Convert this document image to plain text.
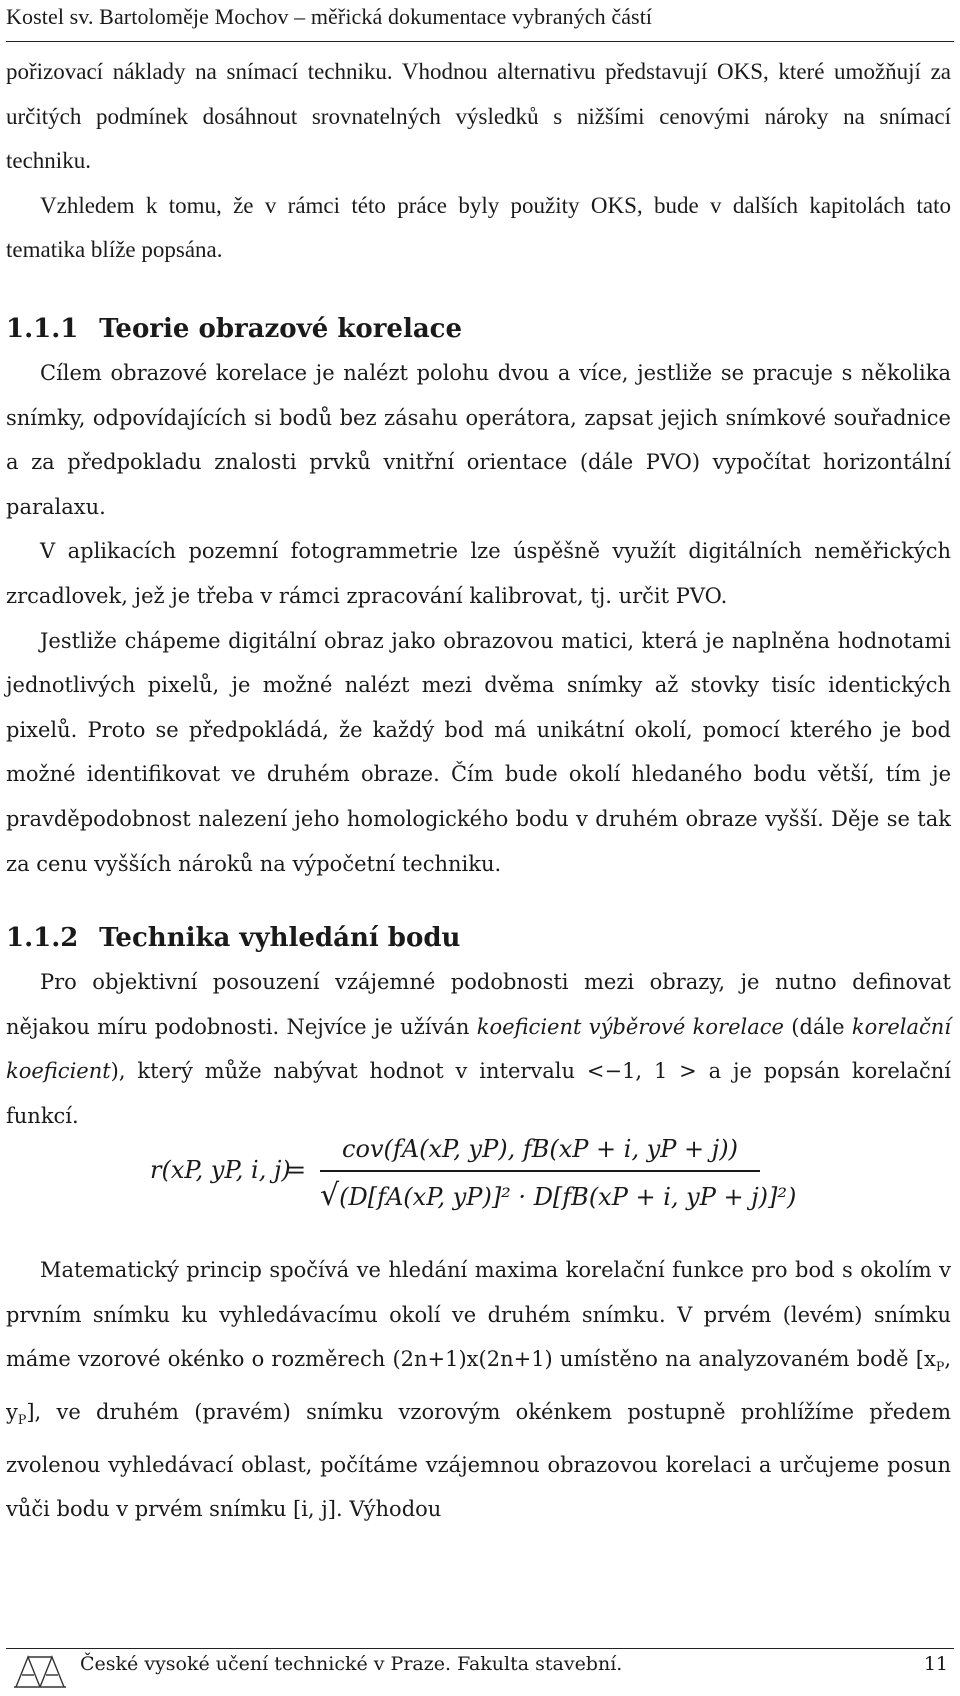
Kostel sv. Bartoloměje Mochov – měřická dokumentace vybraných částí

pořizovací náklady na snímací techniku. Vhodnou alternativu představují OKS, které umožňují za určitých podmínek dosáhnout srovnatelných výsledků s nižšími cenovými nároky na snímací techniku.

Vzhledem k tomu, že v rámci této práce byly použity OKS, bude v dalších kapitolách tato tematika blíže popsána.

1.1.1 Teorie obrazové korelace

Cílem obrazové korelace je nalézt polohu dvou a více, jestliže se pracuje s několika snímky, odpovídajících si bodů bez zásahu operátora, zapsat jejich snímkové souřadnice a za předpokladu znalosti prvků vnitřní orientace (dále PVO) vypočítat horizontální paralaxu.

V aplikacích pozemní fotogrammetrie lze úspěšně využít digitálních neměřických zrcadlovek, jež je třeba v rámci zpracování kalibrovat, tj. určit PVO.

Jestliže chápeme digitální obraz jako obrazovou matici, která je naplněna hodnotami jednotlivých pixelů, je možné nalézt mezi dvěma snímky až stovky tisíc identických pixelů. Proto se předpokládá, že každý bod má unikátní okolí, pomocí kterého je bod možné identifikovat ve druhém obraze. Čím bude okolí hledaného bodu větší, tím je pravděpodobnost nalezení jeho homologického bodu v druhém obraze vyšší. Děje se tak za cenu vyšších nároků na výpočetní techniku.

1.1.2 Technika vyhledání bodu

Pro objektivní posouzení vzájemné podobnosti mezi obrazy, je nutno definovat nějakou míru podobnosti. Nejvíce je užíván koeficient výběrové korelace (dále korelační koeficient), který může nabývat hodnot v intervalu <−1, 1 > a je popsán korelační funkcí.

r(xP, yP, i, j)
=
cov(fA(xP, yP), fB(xP + i, yP + j))
√(D[fA(xP, yP)]² · D[fB(xP + i, yP + j)]²)

Matematický princip spočívá ve hledání maxima korelační funkce pro bod s okolím v prvním snímku ku vyhledávacímu okolí ve druhém snímku. V prvém (levém) snímku máme vzorové okénko o rozměrech (2n+1)x(2n+1) umístěno na analyzovaném bodě [$x_P$, $y_P$], ve druhém (pravém) snímku vzorovým okénkem postupně prohlížíme předem zvolenou vyhledávací oblast, počítáme vzájemnou obrazovou korelaci a určujeme posun vůči bodu v prvém snímku [i, j]. Výhodou

České vysoké učení technické v Praze. Fakulta stavební.	11
